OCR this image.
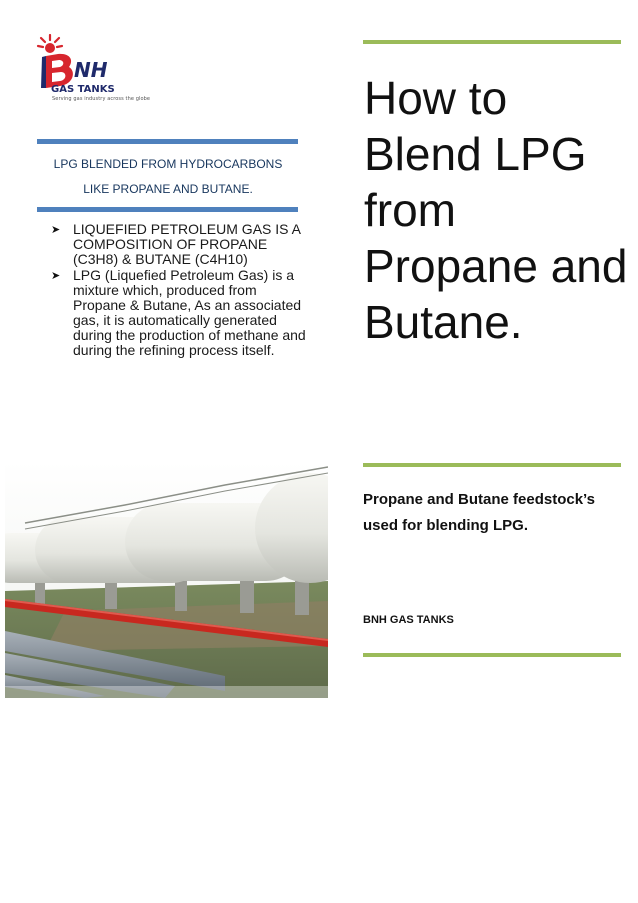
NH
GAS TANKS
Serving gas industry across the globe
LPG BLENDED FROM HYDROCARBONS
LIKE PROPANE AND BUTANE.
➤ LIQUEFIED PETROLEUM GAS IS A COMPOSITION OF PROPANE (C3H8) & BUTANE (C4H10)
➤ LPG (Liquefied Petroleum Gas) is a mixture which, produced from Propane & Butane, As an associated gas, it is automatically generated during the production of methane and during the refining process itself.
How to Blend LPG from Propane and Butane.
Propane and Butane feedstock’s used for blending LPG.
BNH GAS TANKS
